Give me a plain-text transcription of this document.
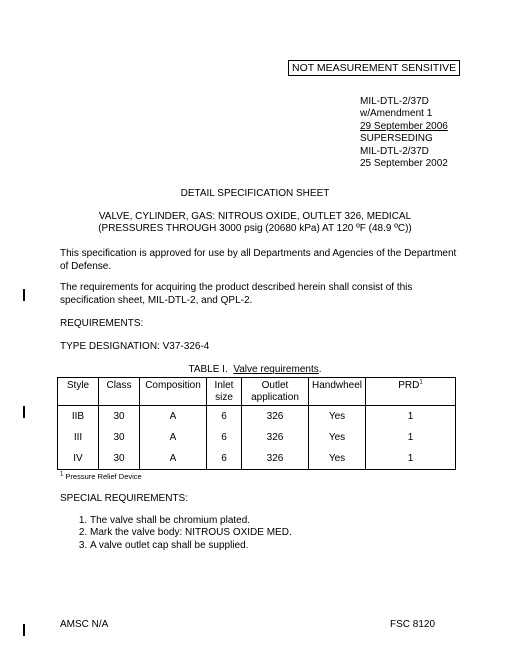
NOT MEASUREMENT SENSITIVE
MIL-DTL-2/37D
w/Amendment 1
29 September 2006
SUPERSEDING
MIL-DTL-2/37D
25 September 2002
DETAIL SPECIFICATION SHEET
VALVE, CYLINDER, GAS: NITROUS OXIDE, OUTLET 326, MEDICAL
(PRESSURES THROUGH 3000 psig (20680 kPa) AT 120 ºF (48.9 ºC))
This specification is approved for use by all Departments and Agencies of the Department of Defense.
The requirements for acquiring the product described herein shall consist of this specification sheet, MIL-DTL-2, and QPL-2.
REQUIREMENTS:
TYPE DESIGNATION: V37-326-4
TABLE I. Valve requirements.
Style	Class	Composition	Inlet size	Outlet application	Handwheel	PRD$^1$
IIB	30	A	6	326	Yes	1
III	30	A	6	326	Yes	1
IV	30	A	6	326	Yes	1
$^1$ Pressure Relief Device
SPECIAL REQUIREMENTS:
1. The valve shall be chromium plated.
2. Mark the valve body: NITROUS OXIDE MED.
3. A valve outlet cap shall be supplied.
AMSC N/A	FSC 8120
